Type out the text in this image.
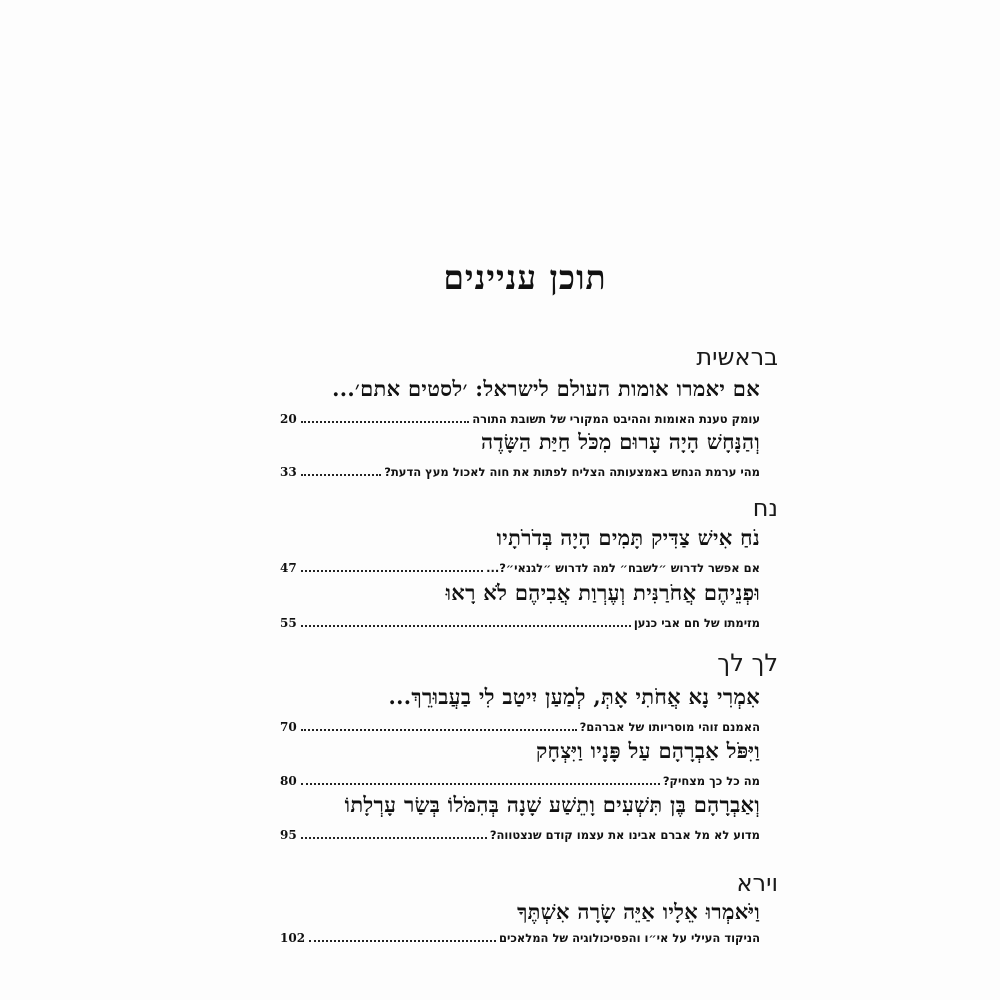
תוכן עניינים
בראשית
אם יאמרו אומות העולם לישראל: ׳לסטים אתם׳...
20	עומק טענת האומות וההיבט המקורי של תשובת התורה
וְהַנָּחָשׁ הָיָה עָרוּם מִכֹּל חַיַּת הַשָּׂדֶה
33	מהי ערמת הנחש באמצעותה הצליח לפתות את חוה לאכול מעץ הדעת?
נח
נֹחַ אִישׁ צַדִּיק תָּמִים הָיָה בְּדֹרֹתָיו
47	אם אפשר לדרוש ״לשבח״ למה לדרוש ״לגנאי״?...
וּפְנֵיהֶם אֲחֹרַנִּית וְעֶרְוַת אֲבִיהֶם לֹא רָאוּ
55	מזימתו של חם אבי כנען
לך לך
אִמְרִי נָא אֲחֹתִי אָתְּ, לְמַעַן יִיטַב לִי בַעֲבוּרֵךְ...
70	האמנם זוהי מוסריותו של אברהם?
וַיִּפֹּל אַבְרָהָם עַל פָּנָיו וַיִּצְחָק
80	מה כל כך מצחיק?
וְאַבְרָהָם בֶּן תִּשְׁעִים וָתֵשַׁע שָׁנָה בְּהִמֹּלוֹ בְּשַׂר עָרְלָתוֹ
95	מדוע לא מל אברם אבינו את עצמו קודם שנצטווה?
וירא
וַיֹּאמְרוּ אֵלָיו אַיֵּה שָׂרָה אִשְׁתֶּךָ
102	הניקוד העילי על אי״ו והפסיכולוגיה של המלאכים
